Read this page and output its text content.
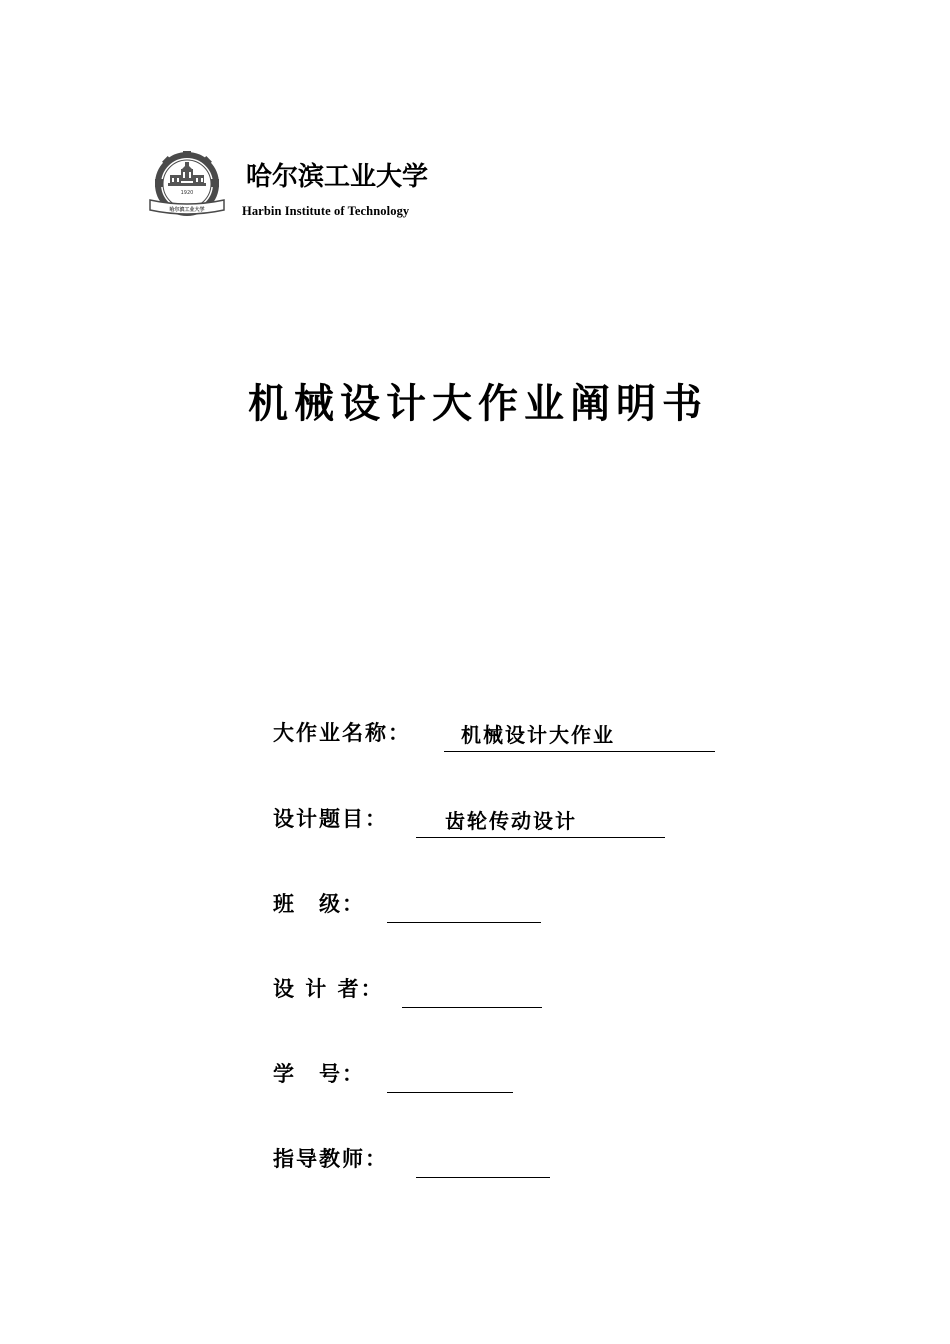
1920
哈尔滨工业大学
哈尔滨工业大学
Harbin Institute of Technology
机械设计大作业阐明书
大作业名称：	机械设计大作业
设计题目：	齿轮传动设计
班　级：
设 计 者：
学　号：
指导教师：
